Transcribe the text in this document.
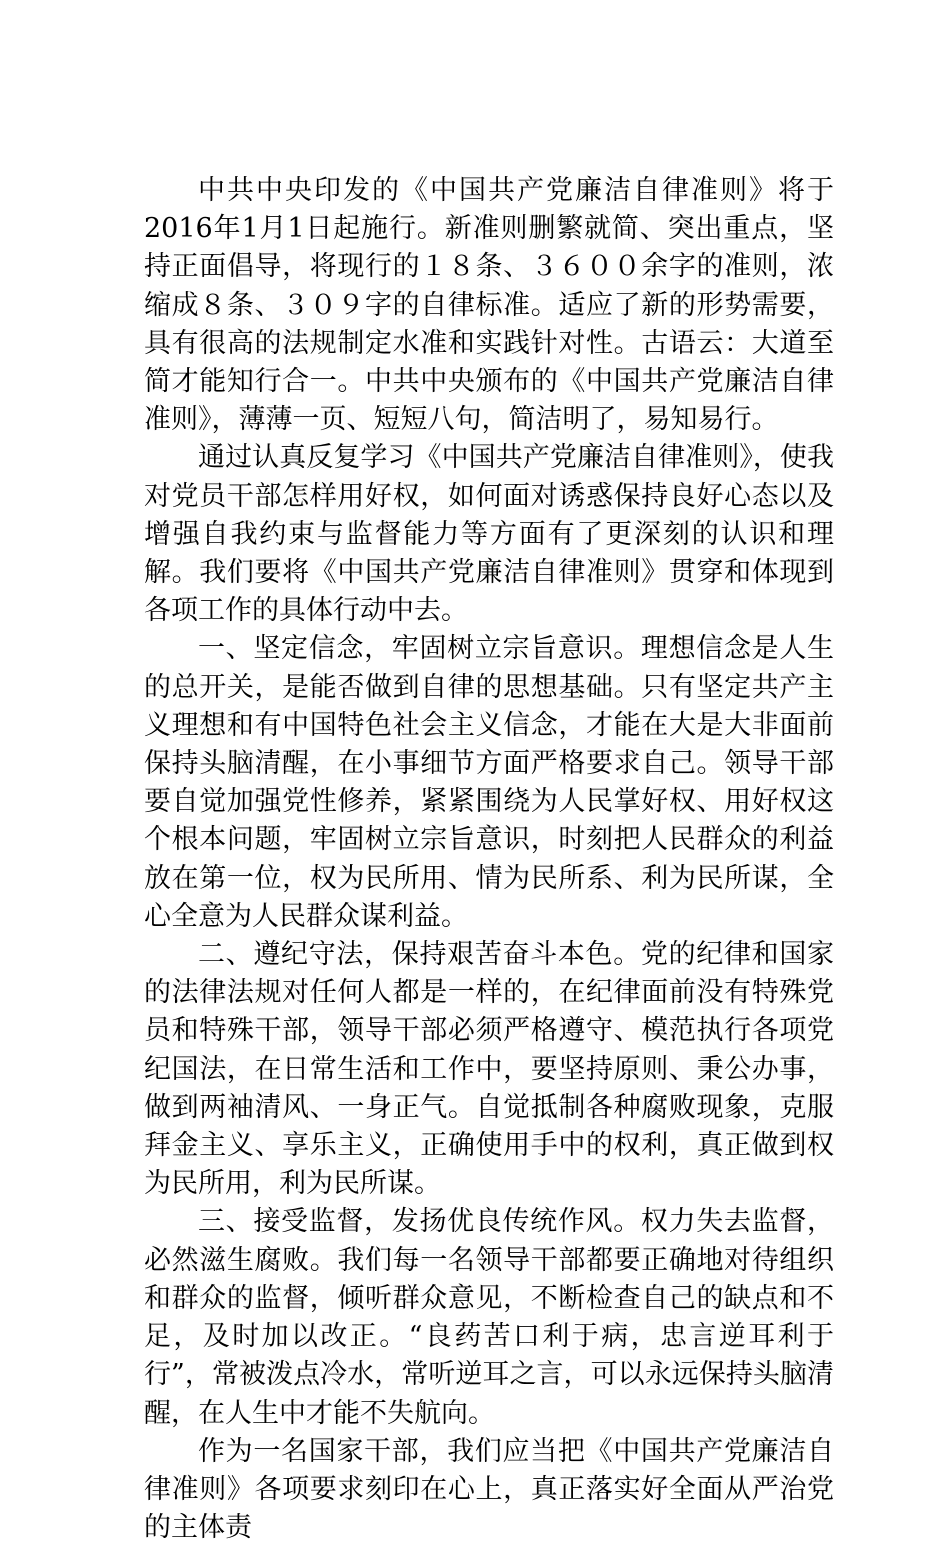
中共中央印发的《中国共产党廉洁自律准则》将于2016年1月1日起施行。新准则删繁就简、突出重点，坚持正面倡导，将现行的１８条、３６００余字的准则，浓缩成８条、３０９字的自律标准。适应了新的形势需要，具有很高的法规制定水准和实践针对性。古语云：大道至简才能知行合一。中共中央颁布的《中国共产党廉洁自律准则》，薄薄一页、短短八句，简洁明了，易知易行。

通过认真反复学习《中国共产党廉洁自律准则》，使我对党员干部怎样用好权，如何面对诱惑保持良好心态以及增强自我约束与监督能力等方面有了更深刻的认识和理解。我们要将《中国共产党廉洁自律准则》贯穿和体现到各项工作的具体行动中去。

一、坚定信念，牢固树立宗旨意识。理想信念是人生的总开关，是能否做到自律的思想基础。只有坚定共产主义理想和有中国特色社会主义信念，才能在大是大非面前保持头脑清醒，在小事细节方面严格要求自己。领导干部要自觉加强党性修养，紧紧围绕为人民掌好权、用好权这个根本问题，牢固树立宗旨意识，时刻把人民群众的利益放在第一位，权为民所用、情为民所系、利为民所谋，全心全意为人民群众谋利益。

二、遵纪守法，保持艰苦奋斗本色。党的纪律和国家的法律法规对任何人都是一样的，在纪律面前没有特殊党员和特殊干部，领导干部必须严格遵守、模范执行各项党纪国法，在日常生活和工作中，要坚持原则、秉公办事，做到两袖清风、一身正气。自觉抵制各种腐败现象，克服拜金主义、享乐主义，正确使用手中的权利，真正做到权为民所用，利为民所谋。

三、接受监督，发扬优良传统作风。权力失去监督，必然滋生腐败。我们每一名领导干部都要正确地对待组织和群众的监督，倾听群众意见，不断检查自己的缺点和不足，及时加以改正。“良药苦口利于病，忠言逆耳利于行”，常被泼点冷水，常听逆耳之言，可以永远保持头脑清醒，在人生中才能不失航向。

作为一名国家干部，我们应当把《中国共产党廉洁自律准则》各项要求刻印在心上，真正落实好全面从严治党的主体责
